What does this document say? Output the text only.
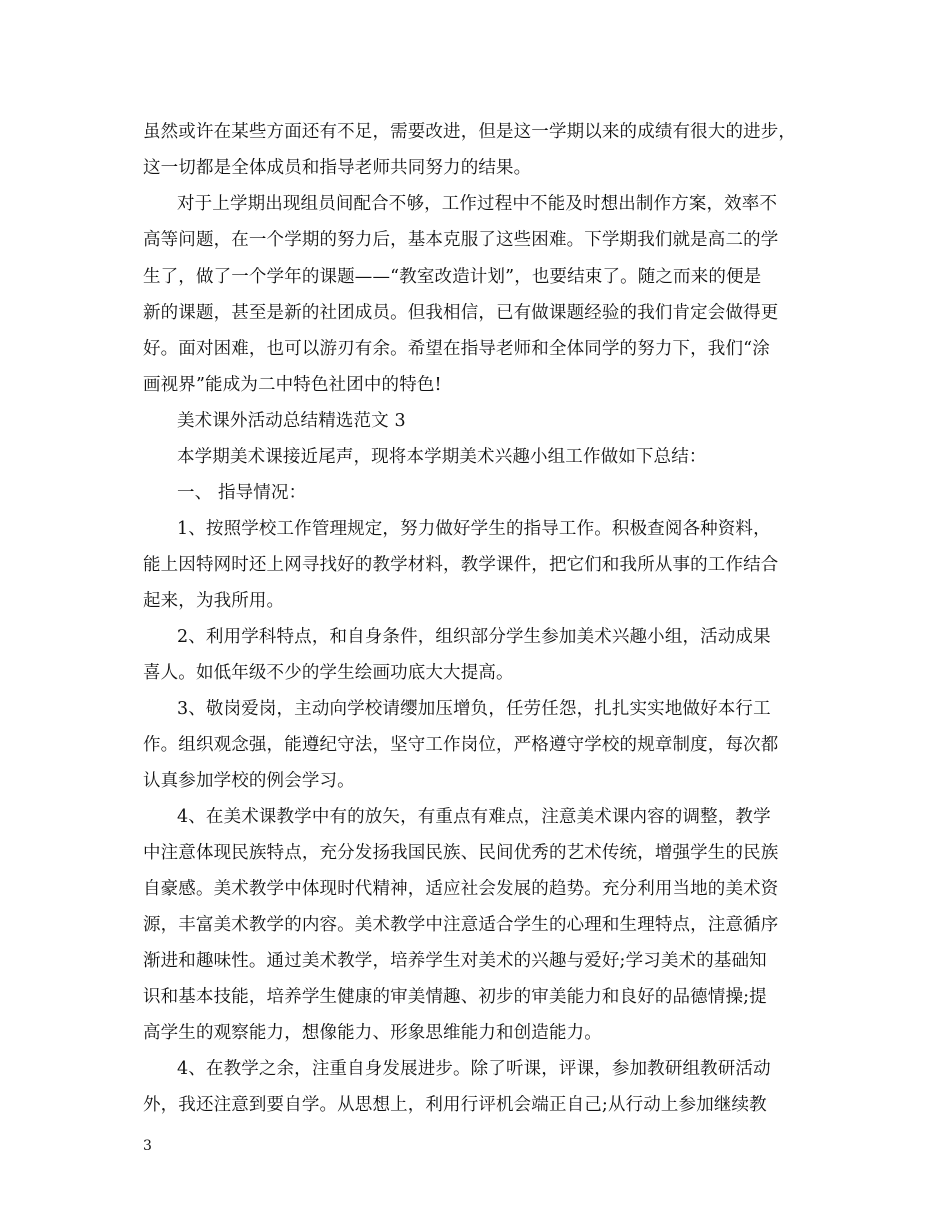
虽然或许在某些方面还有不足，需要改进，但是这一学期以来的成绩有很大的进步，
这一切都是全体成员和指导老师共同努力的结果。
对于上学期出现组员间配合不够，工作过程中不能及时想出制作方案，效率不
高等问题，在一个学期的努力后，基本克服了这些困难。下学期我们就是高二的学
生了，做了一个学年的课题——“教室改造计划”，也要结束了。随之而来的便是
新的课题，甚至是新的社团成员。但我相信，已有做课题经验的我们肯定会做得更
好。面对困难，也可以游刃有余。希望在指导老师和全体同学的努力下，我们“涂
画视界”能成为二中特色社团中的特色!
美术课外活动总结精选范文 3
本学期美术课接近尾声，现将本学期美术兴趣小组工作做如下总结：
一、 指导情况：
1、按照学校工作管理规定，努力做好学生的指导工作。积极查阅各种资料，
能上因特网时还上网寻找好的教学材料，教学课件，把它们和我所从事的工作结合
起来，为我所用。
2、利用学科特点，和自身条件，组织部分学生参加美术兴趣小组，活动成果
喜人。如低年级不少的学生绘画功底大大提高。
3、敬岗爱岗，主动向学校请缨加压增负，任劳任怨，扎扎实实地做好本行工
作。组织观念强，能遵纪守法，坚守工作岗位，严格遵守学校的规章制度，每次都
认真参加学校的例会学习。
4、在美术课教学中有的放矢，有重点有难点，注意美术课内容的调整，教学
中注意体现民族特点，充分发扬我国民族、民间优秀的艺术传统，增强学生的民族
自豪感。美术教学中体现时代精神，适应社会发展的趋势。充分利用当地的美术资
源，丰富美术教学的内容。美术教学中注意适合学生的心理和生理特点，注意循序
渐进和趣味性。通过美术教学，培养学生对美术的兴趣与爱好;学习美术的基础知
识和基本技能，培养学生健康的审美情趣、初步的审美能力和良好的品德情操;提
高学生的观察能力，想像能力、形象思维能力和创造能力。
4、在教学之余，注重自身发展进步。除了听课，评课，参加教研组教研活动
外，我还注意到要自学。从思想上，利用行评机会端正自己;从行动上参加继续教
3
